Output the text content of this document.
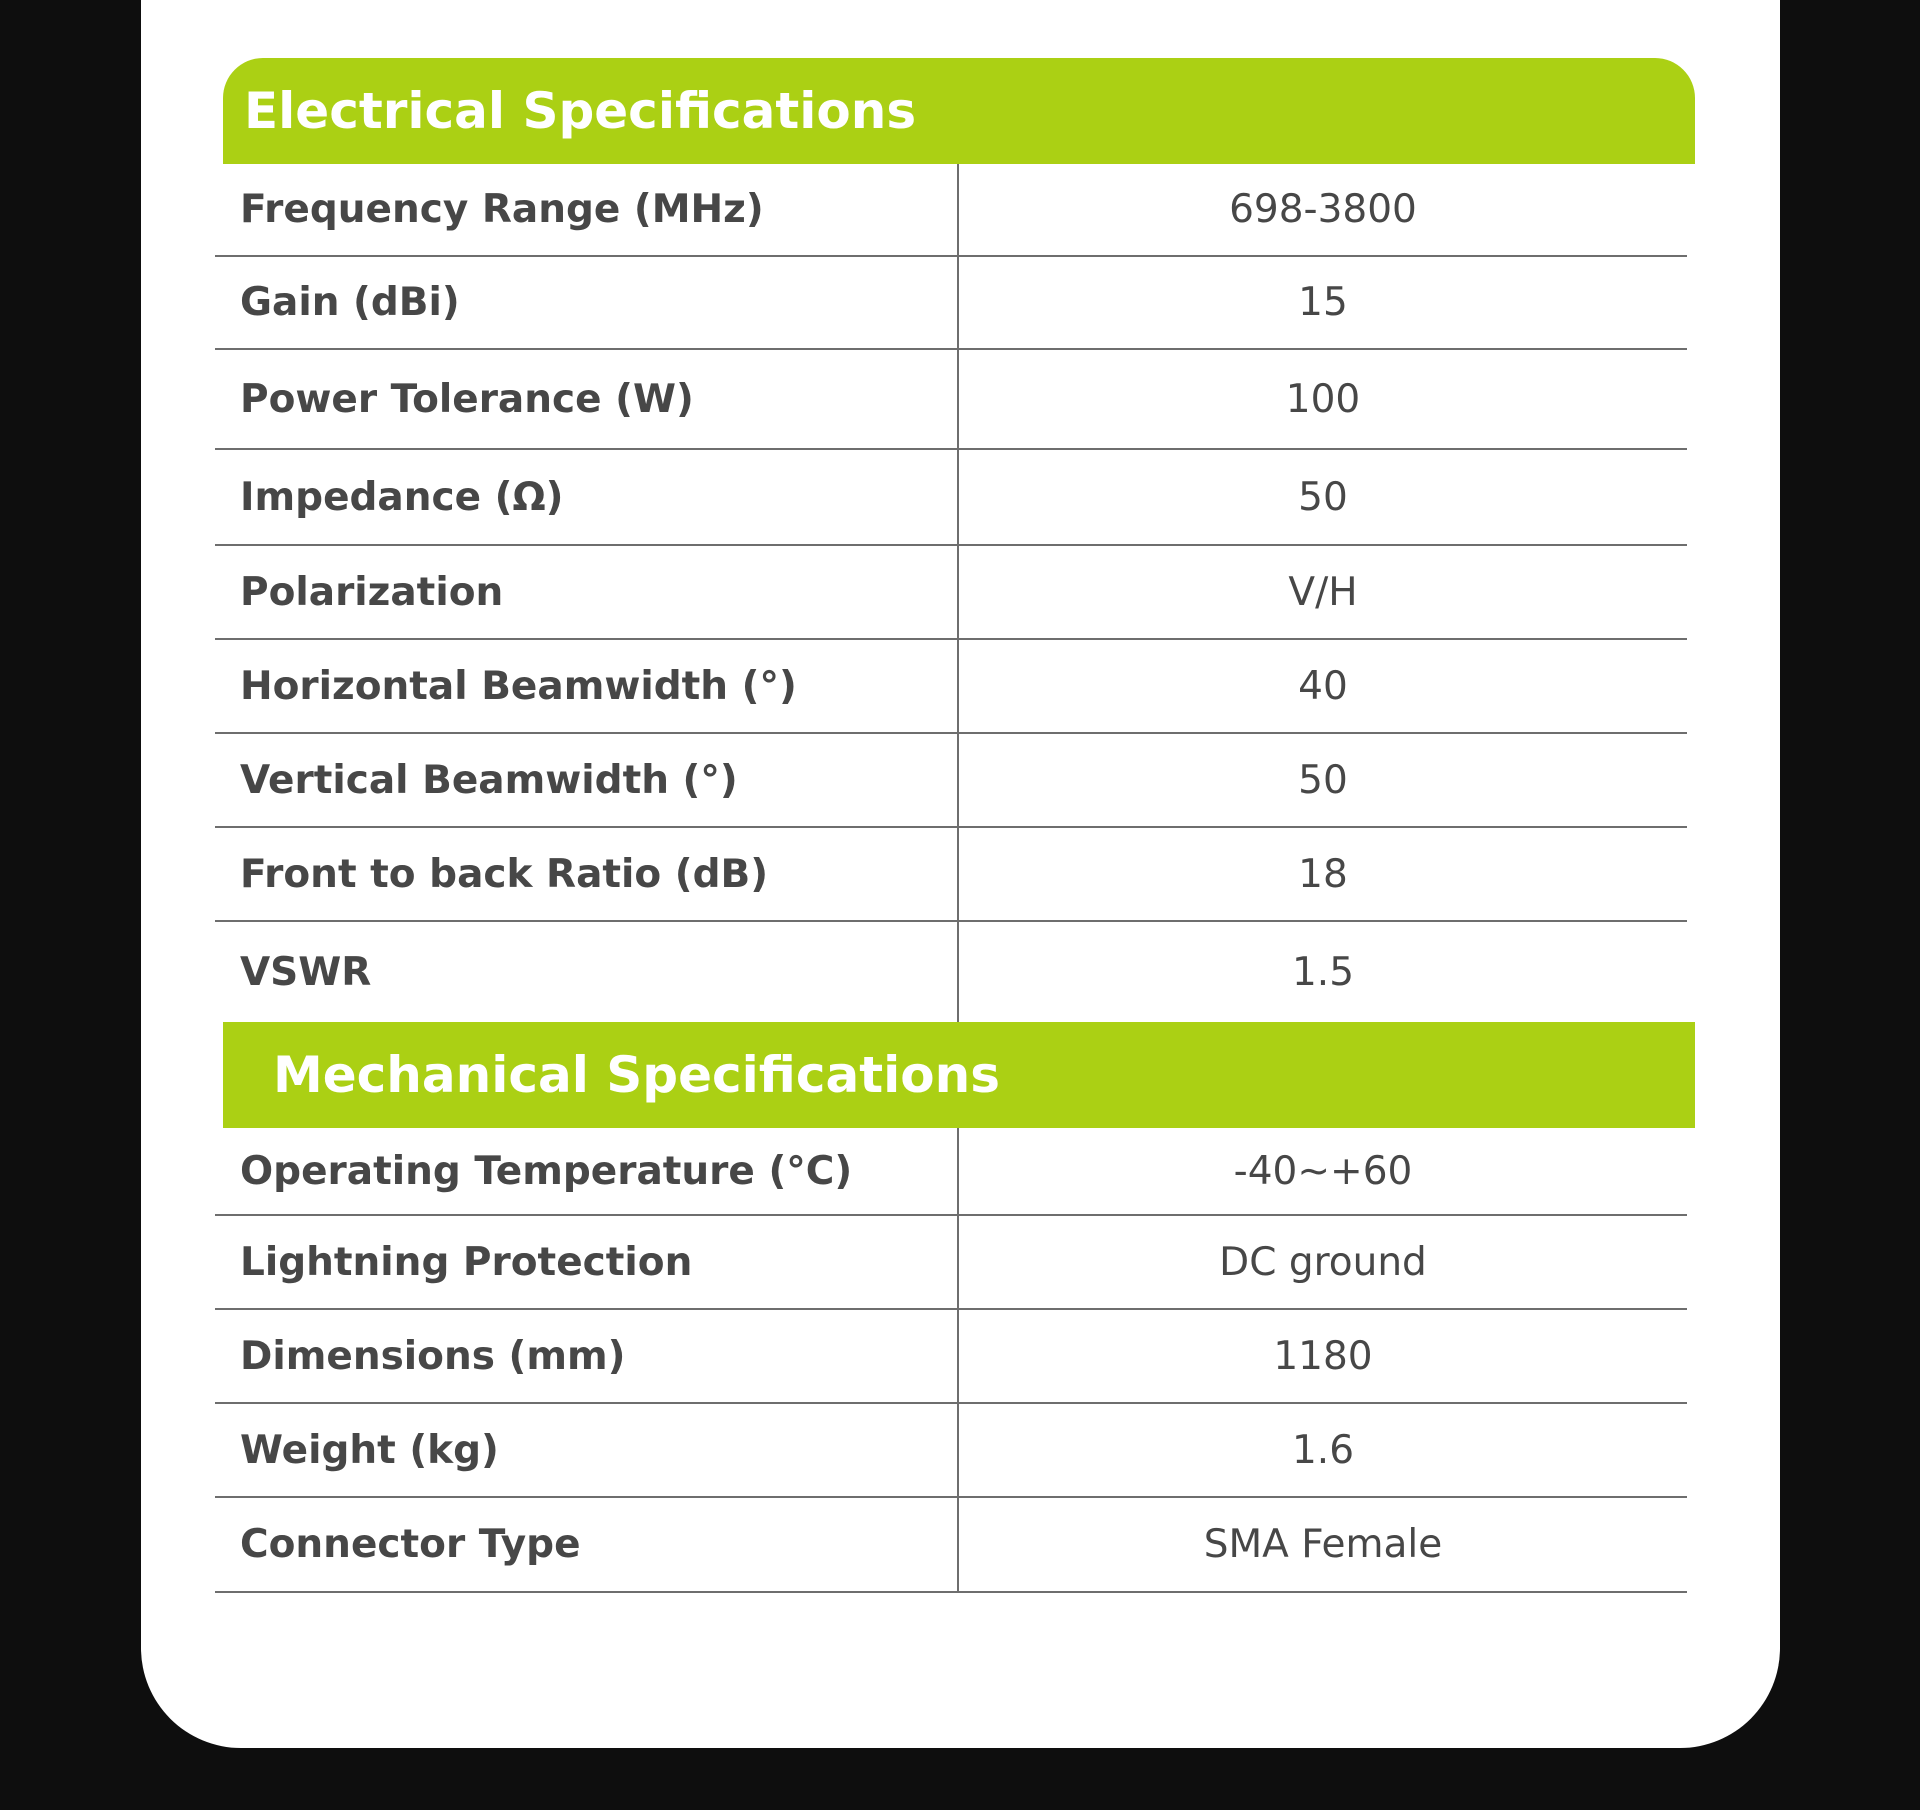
Electrical Specifications
Frequency Range (MHz)	698-3800
Gain (dBi)	15
Power Tolerance (W)	100
Impedance (Ω)	50
Polarization	V/H
Horizontal Beamwidth (°)	40
Vertical Beamwidth (°)	50
Front to back Ratio (dB)	18
VSWR	1.5
Mechanical Specifications
Operating Temperature (°C)	-40~+60
Lightning Protection	DC ground
Dimensions (mm)	1180
Weight (kg)	1.6
Connector Type	SMA Female
